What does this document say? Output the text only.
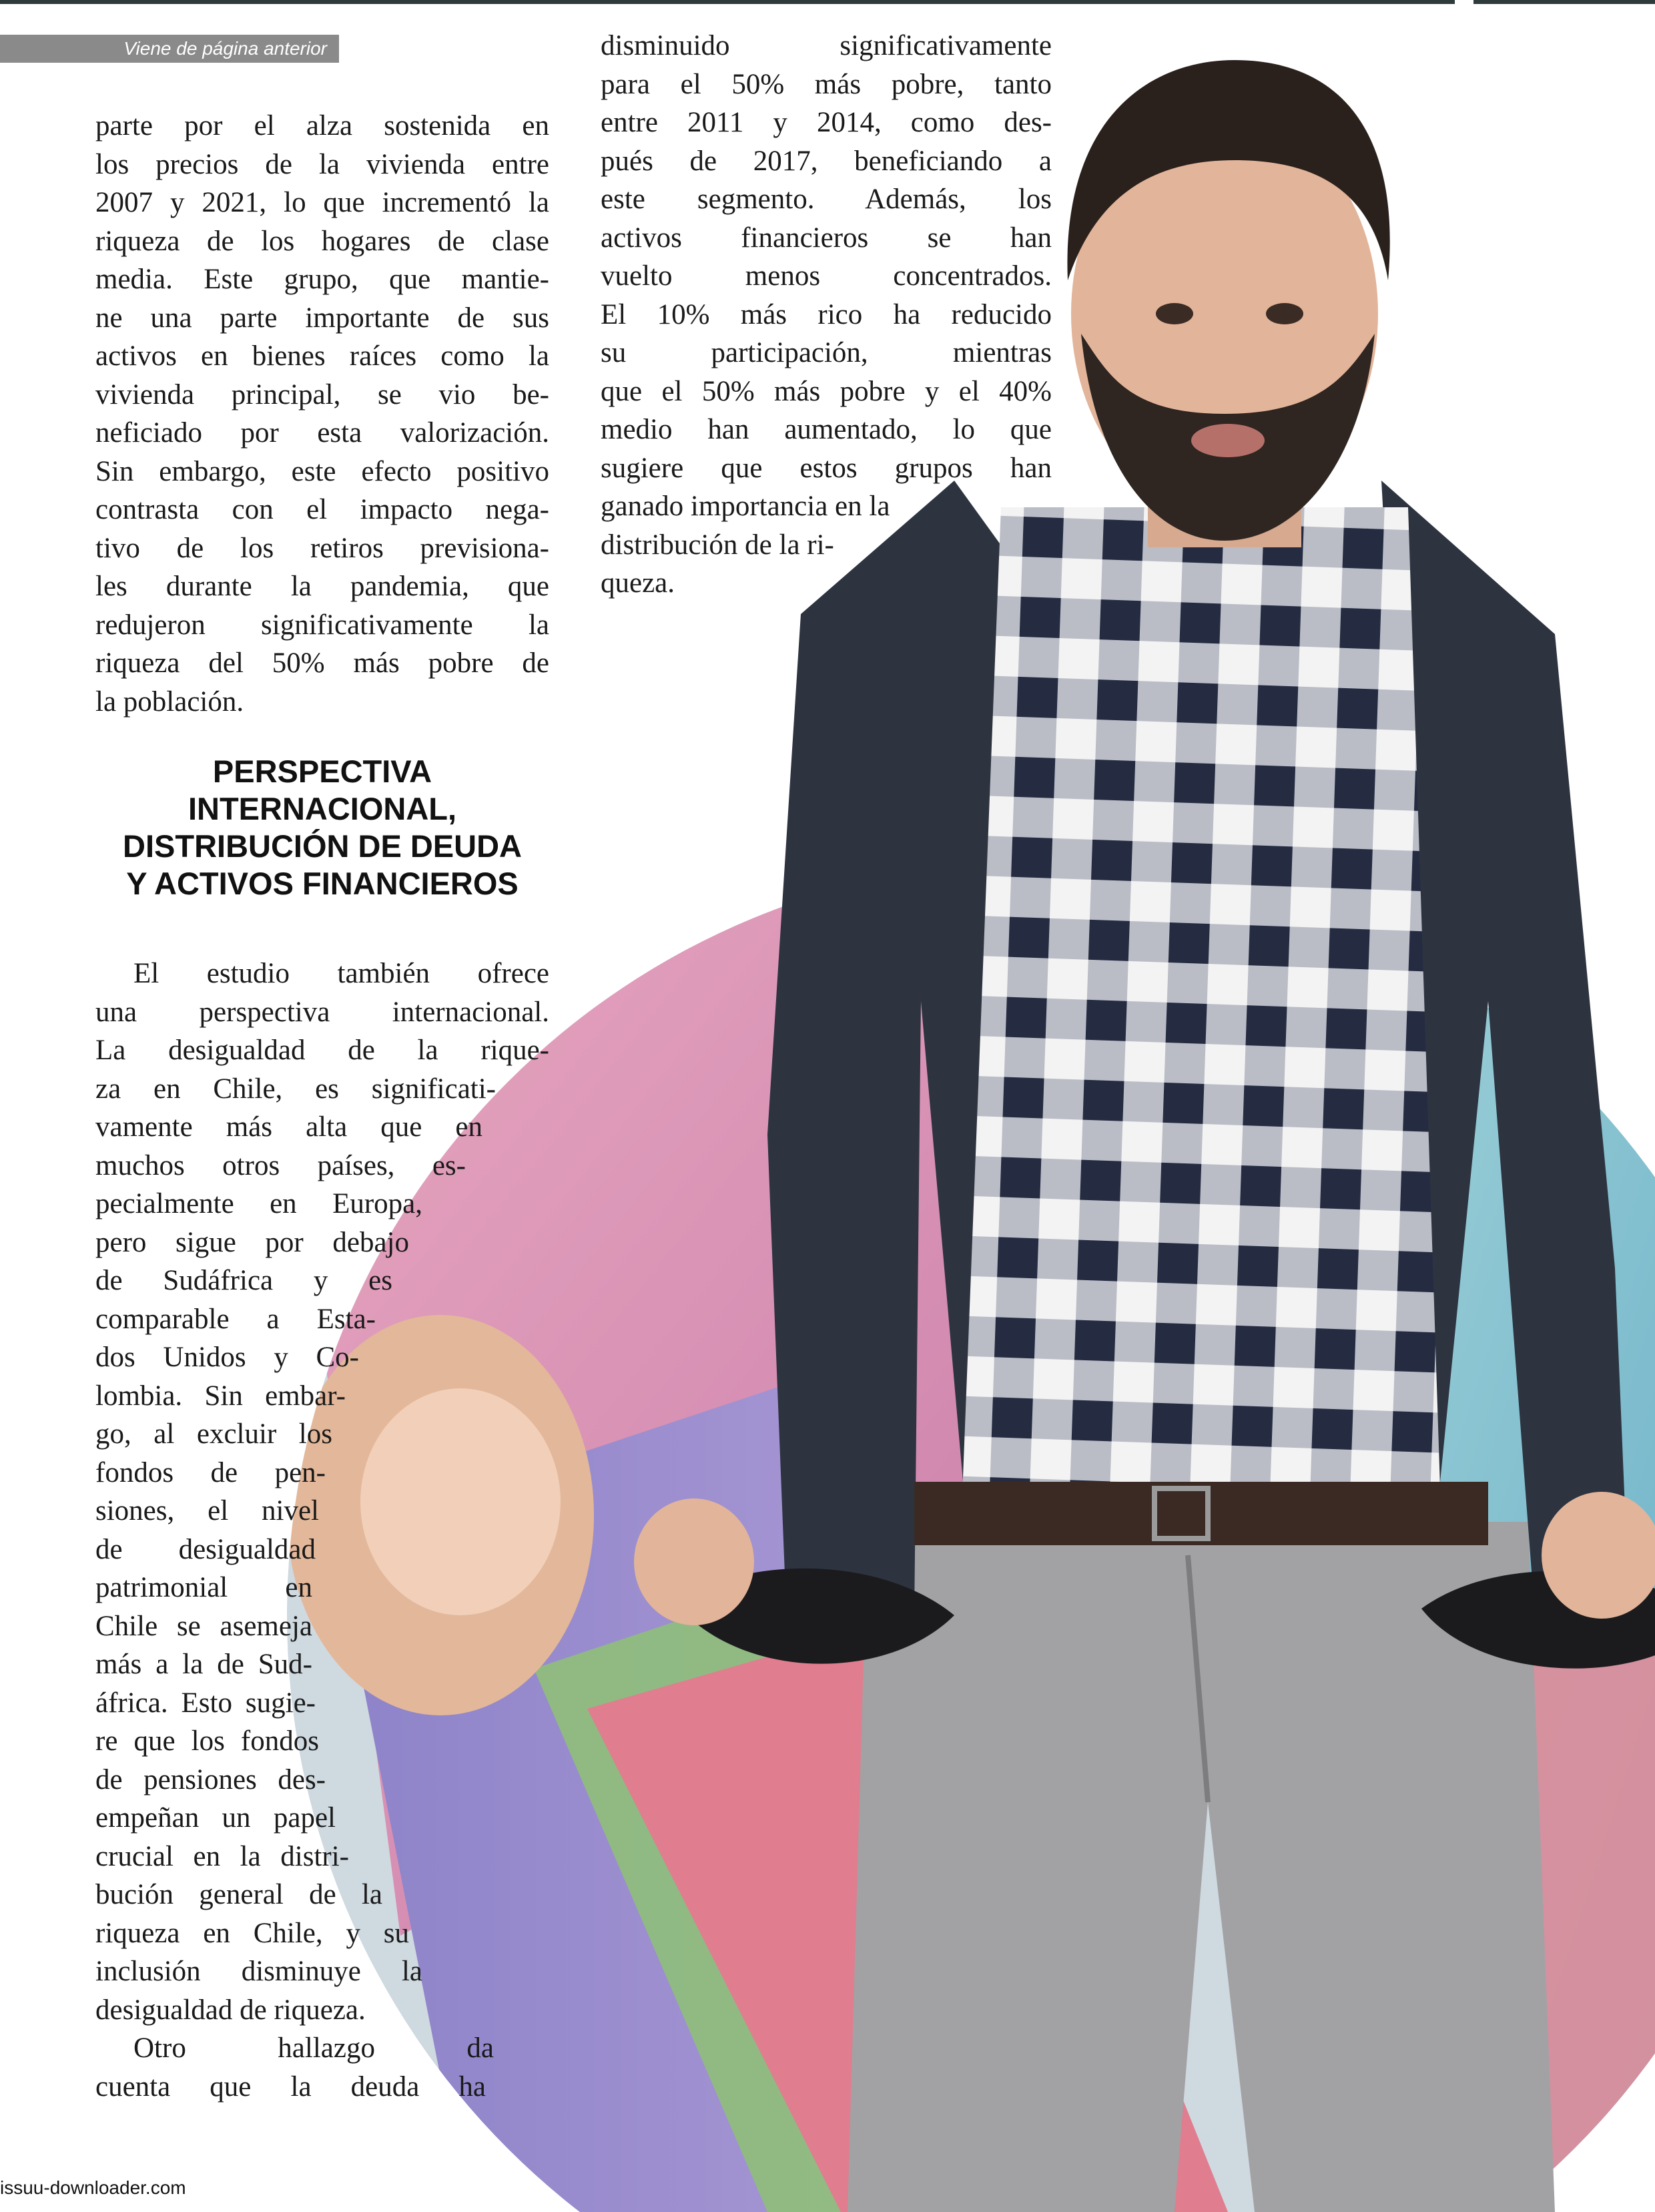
Viene de página anterior
parte por el alza sostenida en
los precios de la vivienda entre
2007 y 2021, lo que incrementó la
riqueza de los hogares de clase
media. Este grupo, que mantie-
ne una parte importante de sus
activos en bienes raíces como la
vivienda principal, se vio be-
neficiado por esta valorización.
Sin embargo, este efecto positivo
contrasta con el impacto nega-
tivo de los retiros previsiona-
les durante la pandemia, que
redujeron significativamente la
riqueza del 50% más pobre de
la población.
disminuido significativamente
para el 50% más pobre, tanto
entre 2011 y 2014, como des-
pués de 2017, beneficiando a
este segmento. Además, los
activos financieros se han
vuelto menos concentrados.
El 10% más rico ha reducido
su participación, mientras
que el 50% más pobre y el 40%
medio han aumentado, lo que
sugiere que estos grupos han
ganado importancia en la
distribución de la ri-
queza.
PERSPECTIVA
INTERNACIONAL,
DISTRIBUCIÓN DE DEUDA
Y ACTIVOS FINANCIEROS
El estudio también ofrece
una perspectiva internacional.
La desigualdad de la rique-
za en Chile, es significati-
vamente más alta que en
muchos otros países, es-
pecialmente en Europa,
pero sigue por debajo
de Sudáfrica y es
comparable a Esta-
dos Unidos y Co-
lombia. Sin embar-
go, al excluir los
fondos de pen-
siones, el nivel
de desigualdad
patrimonial en
Chile se asemeja
más a la de Sud-
áfrica. Esto sugie-
re que los fondos
de pensiones des-
empeñan un papel
crucial en la distri-
bución general de la
riqueza en Chile, y su
inclusión disminuye la
desigualdad de riqueza.
Otro hallazgo da
cuenta que la deuda ha
issuu-downloader.com
